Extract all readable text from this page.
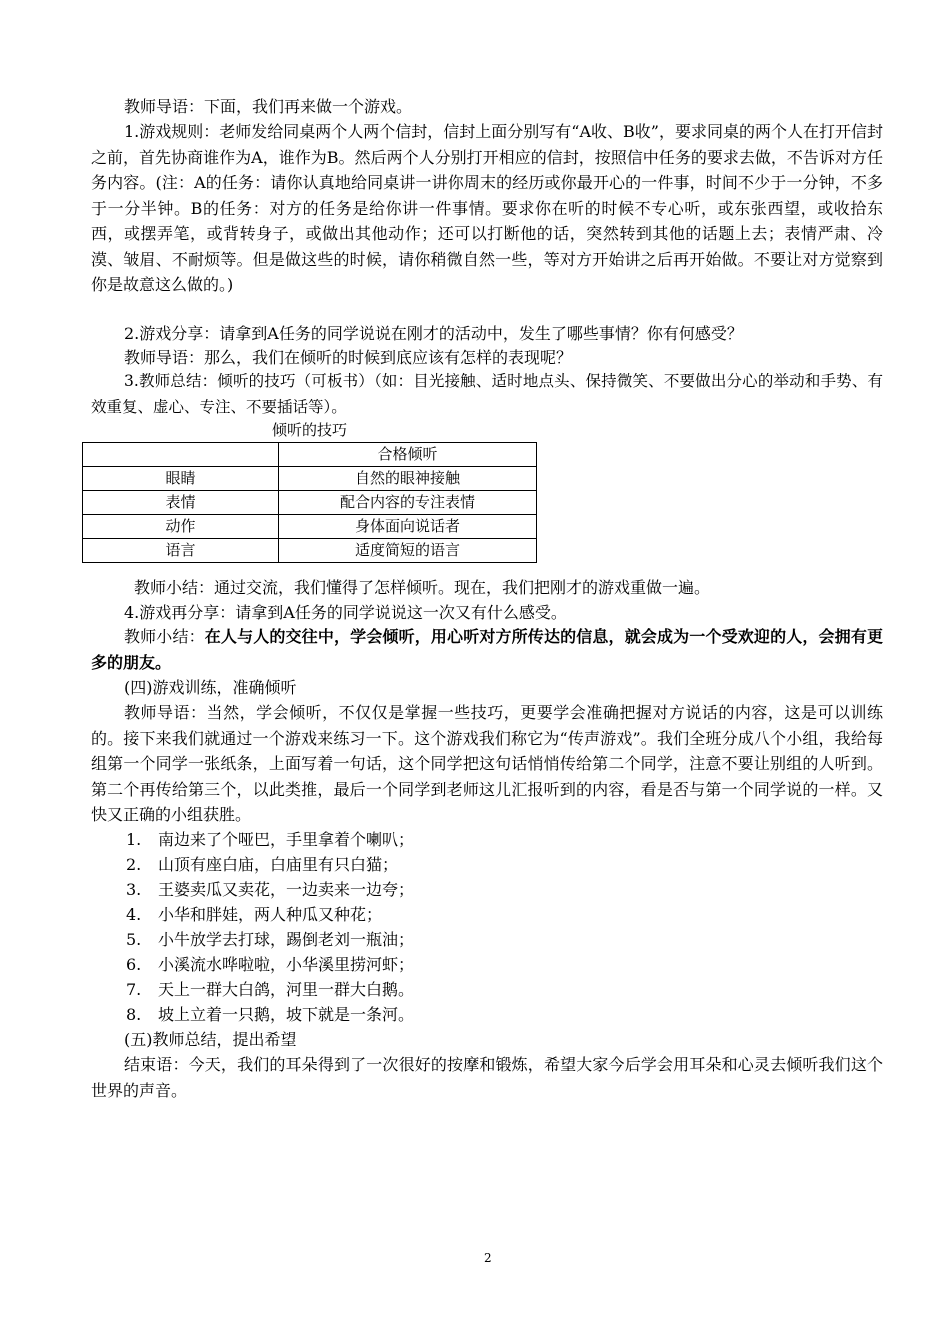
教师导语：下面，我们再来做一个游戏。
1.游戏规则：老师发给同桌两个人两个信封，信封上面分别写有“A收、B收”，要求同桌的两个人在打开信封之前，首先协商谁作为A，谁作为B。然后两个人分别打开相应的信封，按照信中任务的要求去做，不告诉对方任务内容。(注：A的任务：请你认真地给同桌讲一讲你周末的经历或你最开心的一件事，时间不少于一分钟，不多于一分半钟。B的任务：对方的任务是给你讲一件事情。要求你在听的时候不专心听，或东张西望，或收拾东西，或摆弄笔，或背转身子，或做出其他动作；还可以打断他的话，突然转到其他的话题上去；表情严肃、冷漠、皱眉、不耐烦等。但是做这些的时候，请你稍微自然一些，等对方开始讲之后再开始做。不要让对方觉察到你是故意这么做的。)
2.游戏分享：请拿到A任务的同学说说在刚才的活动中，发生了哪些事情？你有何感受？
教师导语：那么，我们在倾听的时候到底应该有怎样的表现呢？
3.教师总结：倾听的技巧（可板书）（如：目光接触、适时地点头、保持微笑、不要做出分心的举动和手势、有效重复、虚心、专注、不要插话等）。
倾听的技巧
	合格倾听
眼睛	自然的眼神接触
表情	配合内容的专注表情
动作	身体面向说话者
语言	适度简短的语言
教师小结：通过交流，我们懂得了怎样倾听。现在，我们把刚才的游戏重做一遍。
4.游戏再分享：请拿到A任务的同学说说这一次又有什么感受。
教师小结：在人与人的交往中，学会倾听，用心听对方所传达的信息，就会成为一个受欢迎的人，会拥有更多的朋友。
(四)游戏训练，准确倾听
教师导语：当然，学会倾听，不仅仅是掌握一些技巧，更要学会准确把握对方说话的内容，这是可以训练的。接下来我们就通过一个游戏来练习一下。这个游戏我们称它为“传声游戏”。我们全班分成八个小组，我给每组第一个同学一张纸条，上面写着一句话，这个同学把这句话悄悄传给第二个同学，注意不要让别组的人听到。第二个再传给第三个，以此类推，最后一个同学到老师这儿汇报听到的内容，看是否与第一个同学说的一样。又快又正确的小组获胜。
1. 南边来了个哑巴，手里拿着个喇叭；
2. 山顶有座白庙，白庙里有只白猫；
3. 王婆卖瓜又卖花，一边卖来一边夸；
4. 小华和胖娃，两人种瓜又种花；
5. 小牛放学去打球，踢倒老刘一瓶油；
6. 小溪流水哗啦啦，小华溪里捞河虾；
7. 天上一群大白鸽，河里一群大白鹅。
8. 坡上立着一只鹅，坡下就是一条河。
(五)教师总结，提出希望
结束语：今天，我们的耳朵得到了一次很好的按摩和锻炼，希望大家今后学会用耳朵和心灵去倾听我们这个世界的声音。
2
